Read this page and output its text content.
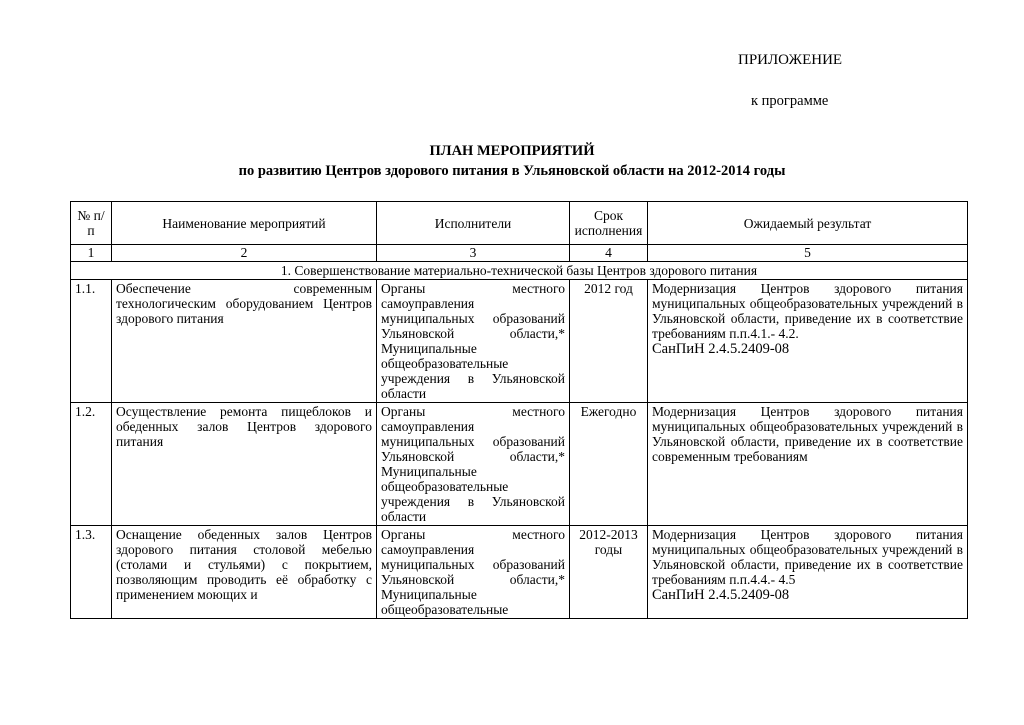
ПРИЛОЖЕНИЕ
к программе
ПЛАН МЕРОПРИЯТИЙ
по развитию Центров здорового питания в Ульяновской области на 2012-2014 годы
№ п/п	Наименование мероприятий	Исполнители	Срок исполнения	Ожидаемый результат
1	2	3	4	5
1. Совершенствование материально-технической базы Центров здорового питания				
1.1.	Обеспечение современным технологическим оборудованием Центров здорового питания	Органы местного самоуправления муниципальных образований Ульяновской области,* Муниципальные общеобразовательные учреждения в Ульяновской области	2012 год	Модернизация Центров здорового питания муниципальных общеобразовательных учреждений в Ульяновской области, приведение их в соответствие требованиям п.п.4.1.- 4.2.
СанПиН 2.4.5.2409-08
1.2.	Осуществление ремонта пищеблоков и обеденных залов Центров здорового питания	Органы местного самоуправления муниципальных образований Ульяновской области,* Муниципальные общеобразовательные учреждения в Ульяновской области	Ежегодно	Модернизация Центров здорового питания муниципальных общеобразовательных учреждений в Ульяновской области, приведение их в соответствие современным требованиям
1.3.	Оснащение обеденных залов Центров здорового питания столовой мебелью (столами и стульями) с покрытием, позволяющим проводить её обработку с применением моющих и	Органы местного самоуправления муниципальных образований Ульяновской области,* Муниципальные общеобразовательные	2012-2013 годы	Модернизация Центров здорового питания муниципальных общеобразовательных учреждений в Ульяновской области, приведение их в соответствие требованиям п.п.4.4.- 4.5
СанПиН 2.4.5.2409-08
